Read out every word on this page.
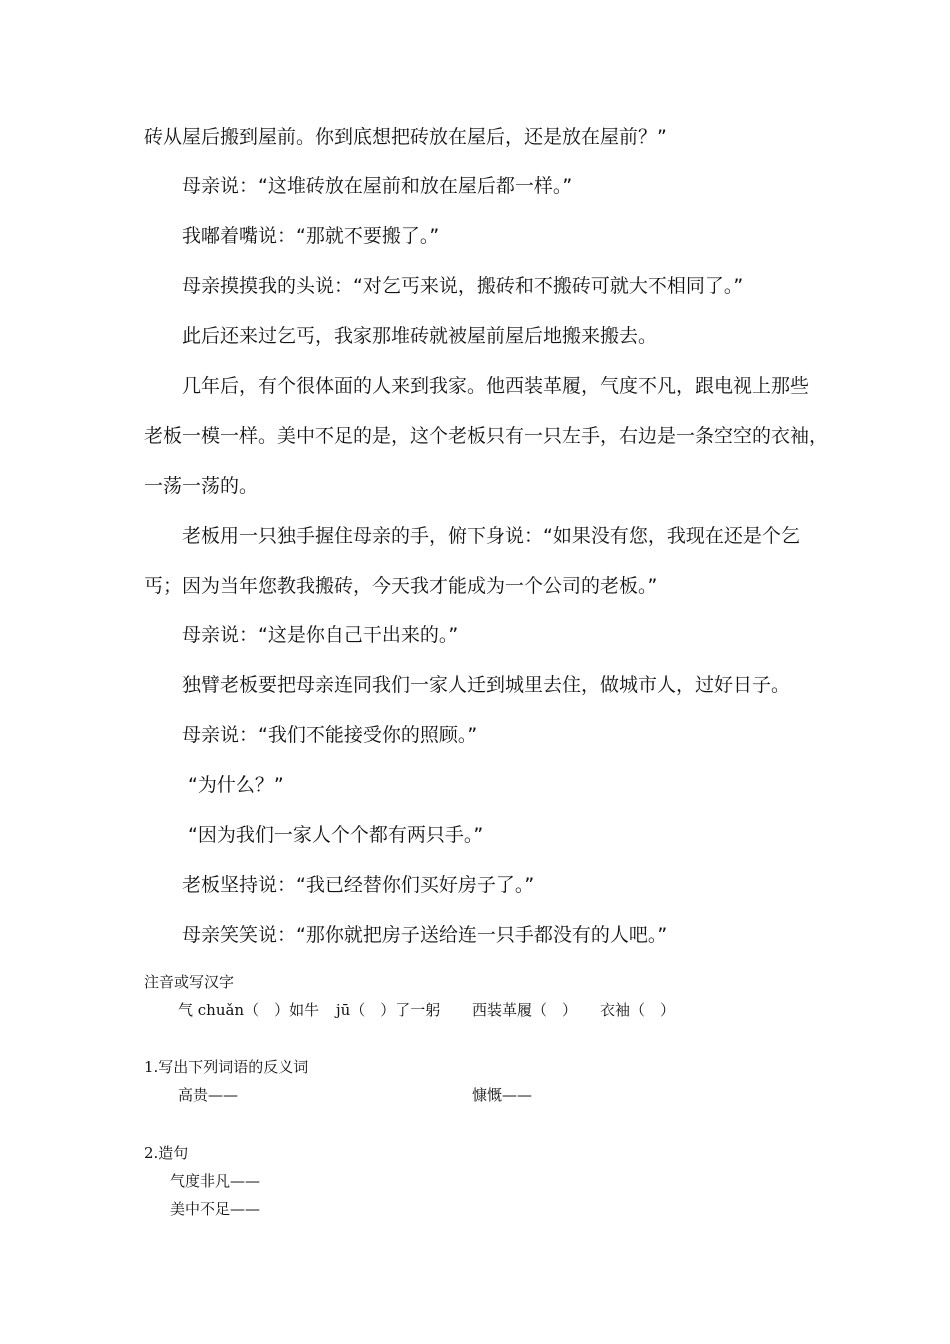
砖从屋后搬到屋前。你到底想把砖放在屋后，还是放在屋前？”
母亲说：“这堆砖放在屋前和放在屋后都一样。”
我嘟着嘴说：“那就不要搬了。”
母亲摸摸我的头说：“对乞丐来说，搬砖和不搬砖可就大不相同了。”
此后还来过乞丐，我家那堆砖就被屋前屋后地搬来搬去。
几年后，有个很体面的人来到我家。他西装革履，气度不凡，跟电视上那些
老板一模一样。美中不足的是，这个老板只有一只左手，右边是一条空空的衣袖，
一荡一荡的。
老板用一只独手握住母亲的手，俯下身说：“如果没有您，我现在还是个乞
丐；因为当年您教我搬砖，今天我才能成为一个公司的老板。”
母亲说：“这是你自己干出来的。”
独臂老板要把母亲连同我们一家人迁到城里去住，做城市人，过好日子。
母亲说：“我们不能接受你的照顾。”
“为什么？”
“因为我们一家人个个都有两只手。”
老板坚持说：“我已经替你们买好房子了。”
母亲笑笑说：“那你就把房子送给连一只手都没有的人吧。”
注音或写汉字
气 chuǎn（　）如牛 jū（　）了一躬 西装革履（　） 衣袖（　）
1.写出下列词语的反义词
高贵——	慷慨——
2.造句
气度非凡——
美中不足——
